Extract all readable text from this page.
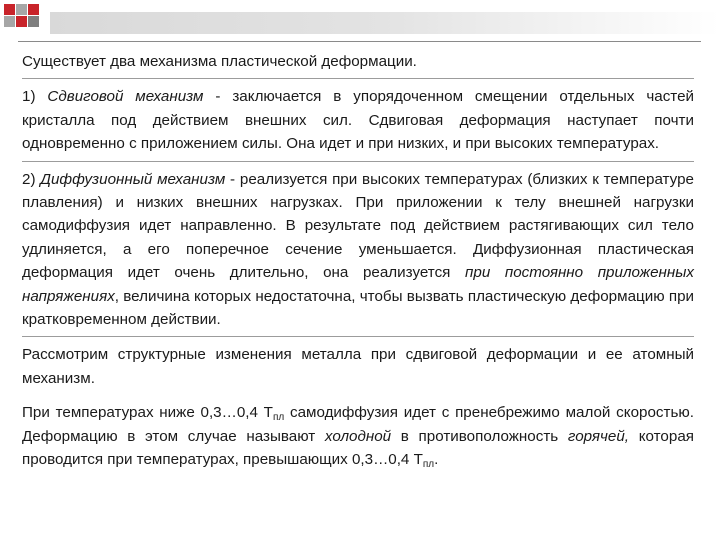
Существует два механизма пластической деформации.

1) Сдвиговой механизм - заключается в упорядоченном смещении отдельных частей кристалла под действием внешних сил. Сдвиговая деформация наступает почти одновременно с приложением силы. Она идет и при низких, и при высоких температурах.

2) Диффузионный механизм - реализуется при высоких температурах (близких к температуре плавления) и низких внешних нагрузках. При приложении к телу внешней нагрузки самодиффузия идет направленно. В результате под действием растягивающих сил тело удлиняется, а его поперечное сечение уменьшается. Диффузионная пластическая деформация идет очень длительно, она реализуется при постоянно приложенных напряжениях, величина которых недостаточна, чтобы вызвать пластическую деформацию при кратковременном действии.

Рассмотрим структурные изменения металла при сдвиговой деформации и ее атомный механизм.

При температурах ниже 0,3…0,4 $Т_{пл}$ самодиффузия идет с пренебрежимо малой скоростью. Деформацию в этом случае называют холодной в противоположность горячей, которая проводится при температурах, превышающих 0,3…0,4 $Т_{пл}$.
